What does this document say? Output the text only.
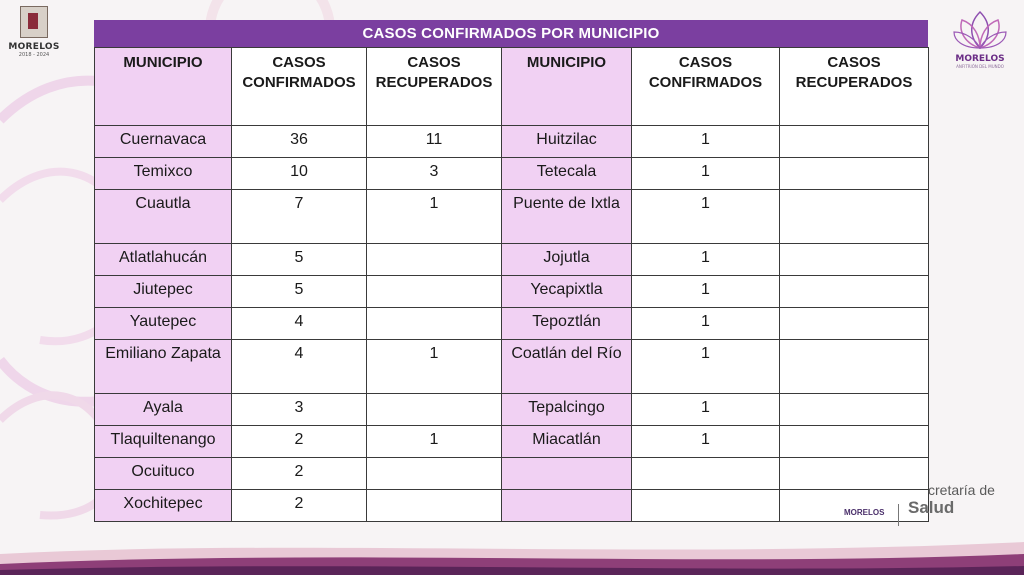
MORELOS
2018 - 2024	MORELOS
ANFITRIÓN DEL MUNDO
CASOS CONFIRMADOS POR MUNICIPIO
MUNICIPIO	CASOS CONFIRMADOS	CASOS RECUPERADOS	MUNICIPIO	CASOS CONFIRMADOS	CASOS RECUPERADOS
Cuernavaca	36	11	Huitzilac	1	
Temixco	10	3	Tetecala	1	
Cuautla	7	1	Puente de Ixtla	1	
Atlatlahucán	5		Jojutla	1	
Jiutepec	5		Yecapixtla	1	
Yautepec	4		Tepoztlán	1	
Emiliano Zapata	4	1	Coatlán del Río	1	
Ayala	3		Tepalcingo	1	
Tlaquiltenango	2	1	Miacatlán	1	
Ocuituco	2				
Xochitepec	2				
MORELOS
cretaría de
Salud
